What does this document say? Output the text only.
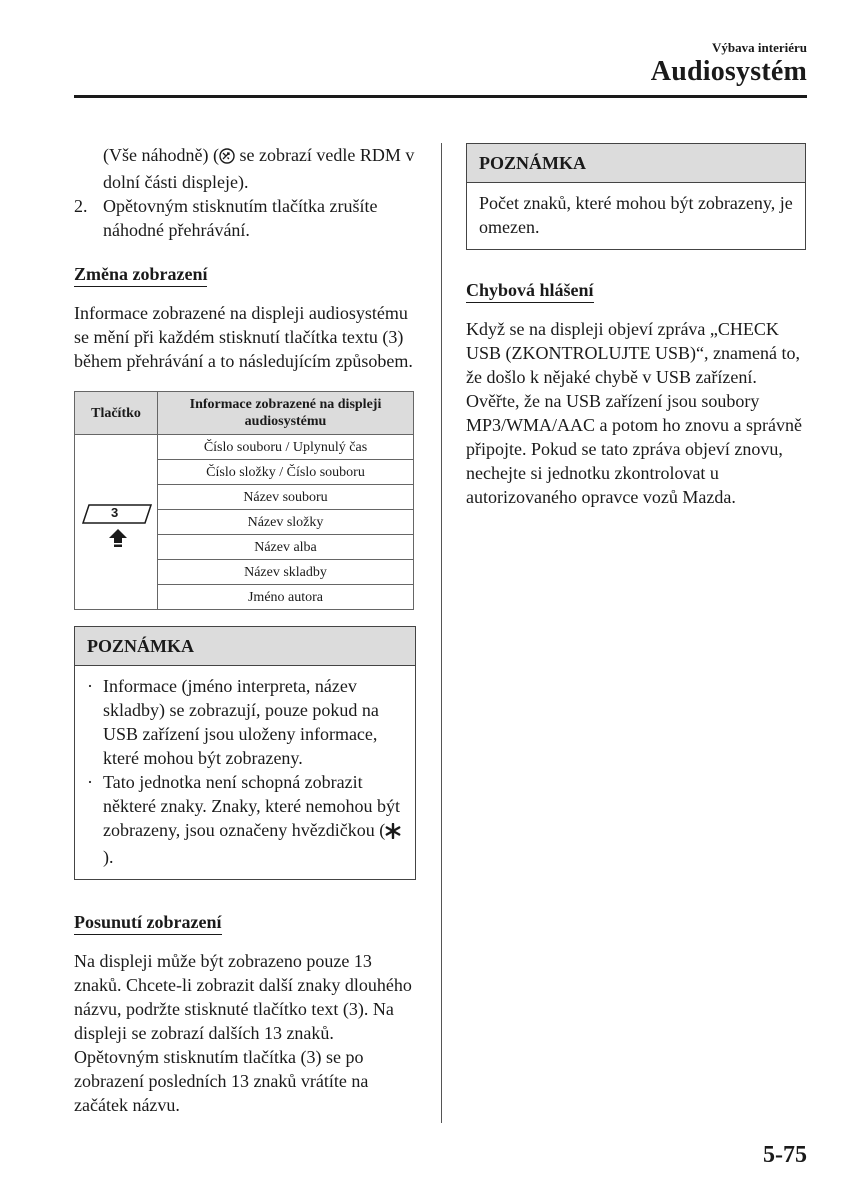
Výbava interiéru
Audiosystém

(Vše náhodně) ( se zobrazí vedle RDM v dolní části displeje).

2. Opětovným stisknutím tlačítka zrušíte náhodné přehrávání.
Změna zobrazení

Informace zobrazené na displeji audiosystému se mění při každém stisknutí tlačítka textu (3) během přehrávání a to následujícím způsobem.

Tlačítko	Informace zobrazené na displeji audiosystému

3	Číslo souboru / Uplynulý čas
	Číslo složky / Číslo souboru
	Název souboru
	Název složky
	Název alba
	Název skladby
	Jméno autora
POZNÁMKA
· Informace (jméno interpreta, název skladby) se zobrazují, pouze pokud na USB zařízení jsou uloženy informace, které mohou být zobrazeny.
· Tato jednotka není schopná zobrazit některé znaky. Znaky, které nemohou být zobrazeny, jsou označeny hvězdičkou ().
Posunutí zobrazení

Na displeji může být zobrazeno pouze 13 znaků. Chcete-li zobrazit další znaky dlouhého názvu, podržte stisknuté tlačítko text (3). Na displeji se zobrazí dalších 13 znaků. Opětovným stisknutím tlačítka (3) se po zobrazení posledních 13 znaků vrátíte na začátek názvu.

POZNÁMKA
Počet znaků, které mohou být zobrazeny, je omezen.
Chybová hlášení

Když se na displeji objeví zpráva „CHECK USB (ZKONTROLUJTE USB)“, znamená to, že došlo k nějaké chybě v USB zařízení. Ověřte, že na USB zařízení jsou soubory MP3/WMA/AAC a potom ho znovu a správně připojte. Pokud se tato zpráva objeví znovu, nechejte si jednotku zkontrolovat u autorizovaného opravce vozů Mazda.

5-75
